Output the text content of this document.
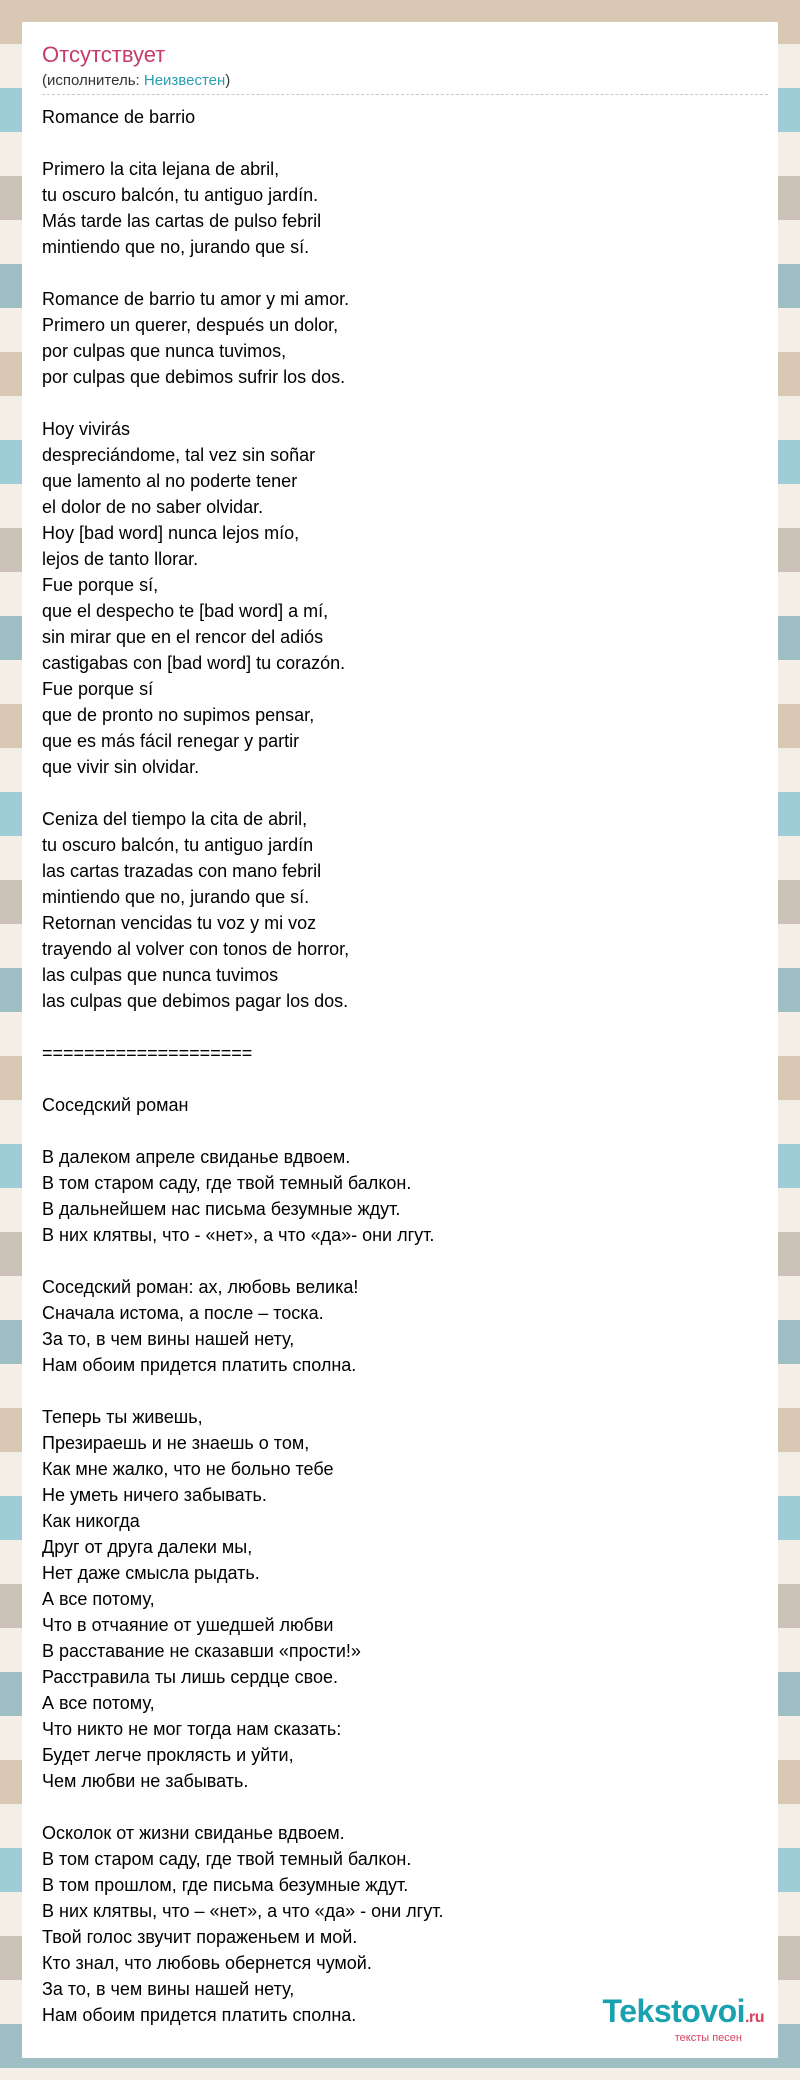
Отсутствует
(исполнитель: Неизвестен)
Romance de barrio

Primero la cita lejana de abril,
tu oscuro balcón, tu antiguo jardín.
Más tarde las cartas de pulso febril
mintiendo que no, jurando que sí.

Romance de barrio tu amor y mi amor.
Primero un querer, después un dolor,
por culpas que nunca tuvimos,
por culpas que debimos sufrir los dos.

Hoy vivirás
despreciándome, tal vez sin soñar
que lamento al no poderte tener
el dolor de no saber olvidar.
Hoy [bad word] nunca lejos mío,
lejos de tanto llorar.
Fue porque sí,
que el despecho te [bad word] a mí,
sin mirar que en el rencor del adiós
castigabas con [bad word] tu corazón.
Fue porque sí
que de pronto no supimos pensar,
que es más fácil renegar y partir
que vivir sin olvidar.

Ceniza del tiempo la cita de abril,
tu oscuro balcón, tu antiguo jardín
las cartas trazadas con mano febril
mintiendo que no, jurando que sí.
Retornan vencidas tu voz y mi voz
trayendo al volver con tonos de horror,
las culpas que nunca tuvimos
las culpas que debimos pagar los dos.

====================

Соседский роман

В далеком апреле свиданье вдвоем.
В том старом саду, где твой темный балкон.
В дальнейшем нас письма безумные ждут.
В них клятвы, что - «нет», а что «да»- они лгут.

Соседский роман: ах, любовь велика!
Сначала истома, а после – тоска.
За то, в чем вины нашей нету,
Нам обоим придется платить сполна.

Теперь ты живешь,
Презираешь и не знаешь о том,
Как мне жалко, что не больно тебе
Не уметь ничего забывать.
Как никогда
Друг от друга далеки мы,
Нет даже смысла рыдать.
А все потому,
Что в отчаяние от ушедшей любви
В расставание не сказавши «прости!»
Расстравила ты лишь сердце свое.
А все потому,
Что никто не мог тогда нам сказать:
Будет легче проклясть и уйти,
Чем любви не забывать.

Осколок от жизни свиданье вдвоем.
В том старом саду, где твой темный балкон.
В том прошлом, где письма безумные ждут.
В них клятвы, что – «нет», а что «да» - они лгут.
Твой голос звучит пораженьем и мой.
Кто знал, что любовь обернется чумой.
За то, в чем вины нашей нету,
Нам обоим придется платить сполна.	Tekstovoi.ru
тексты песен
